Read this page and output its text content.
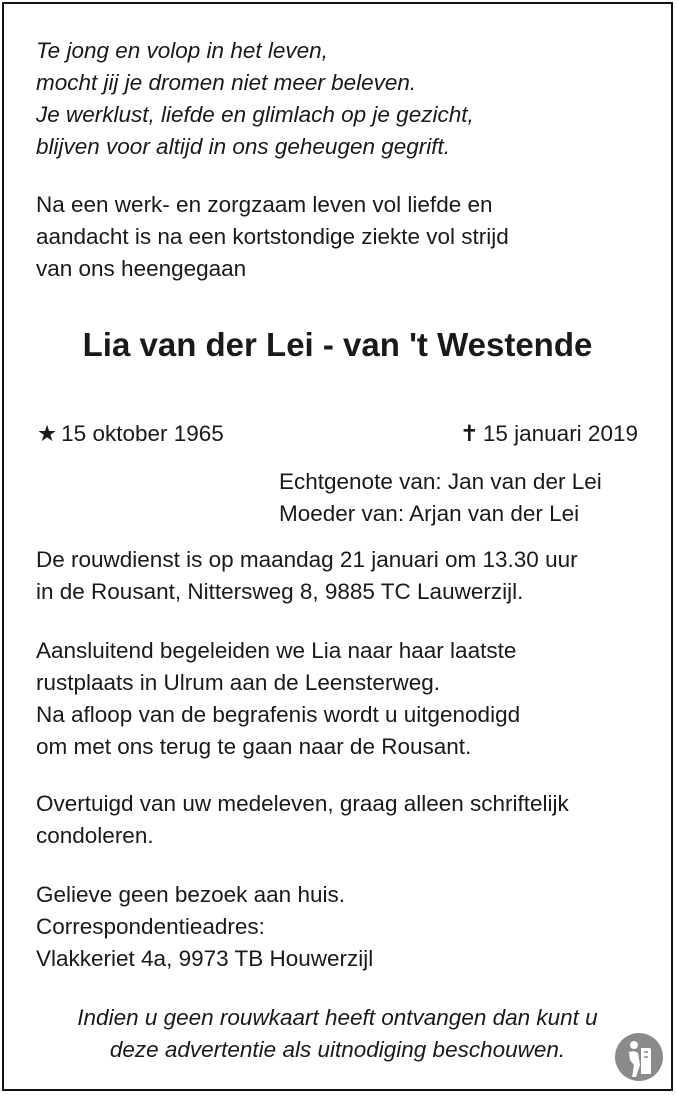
Te jong en volop in het leven,
mocht jij je dromen niet meer beleven.
Je werklust, liefde en glimlach op je gezicht,
blijven voor altijd in ons geheugen gegrift.
Na een werk- en zorgzaam leven vol liefde en
aandacht is na een kortstondige ziekte vol strijd
van ons heengegaan
Lia van der Lei - van 't Westende
★ 15 oktober 1965	✝ 15 januari 2019
Echtgenote van: Jan van der Lei
Moeder van: Arjan van der Lei
De rouwdienst is op maandag 21 januari om 13.30 uur
in de Rousant, Nittersweg 8, 9885 TC Lauwerzijl.
Aansluitend begeleiden we Lia naar haar laatste
rustplaats in Ulrum aan de Leensterweg.
Na afloop van de begrafenis wordt u uitgenodigd
om met ons terug te gaan naar de Rousant.
Overtuigd van uw medeleven, graag alleen schriftelijk
condoleren.
Gelieve geen bezoek aan huis.
Correspondentieadres:
Vlakkeriet 4a, 9973 TB Houwerzijl
Indien u geen rouwkaart heeft ontvangen dan kunt u
deze advertentie als uitnodiging beschouwen.
